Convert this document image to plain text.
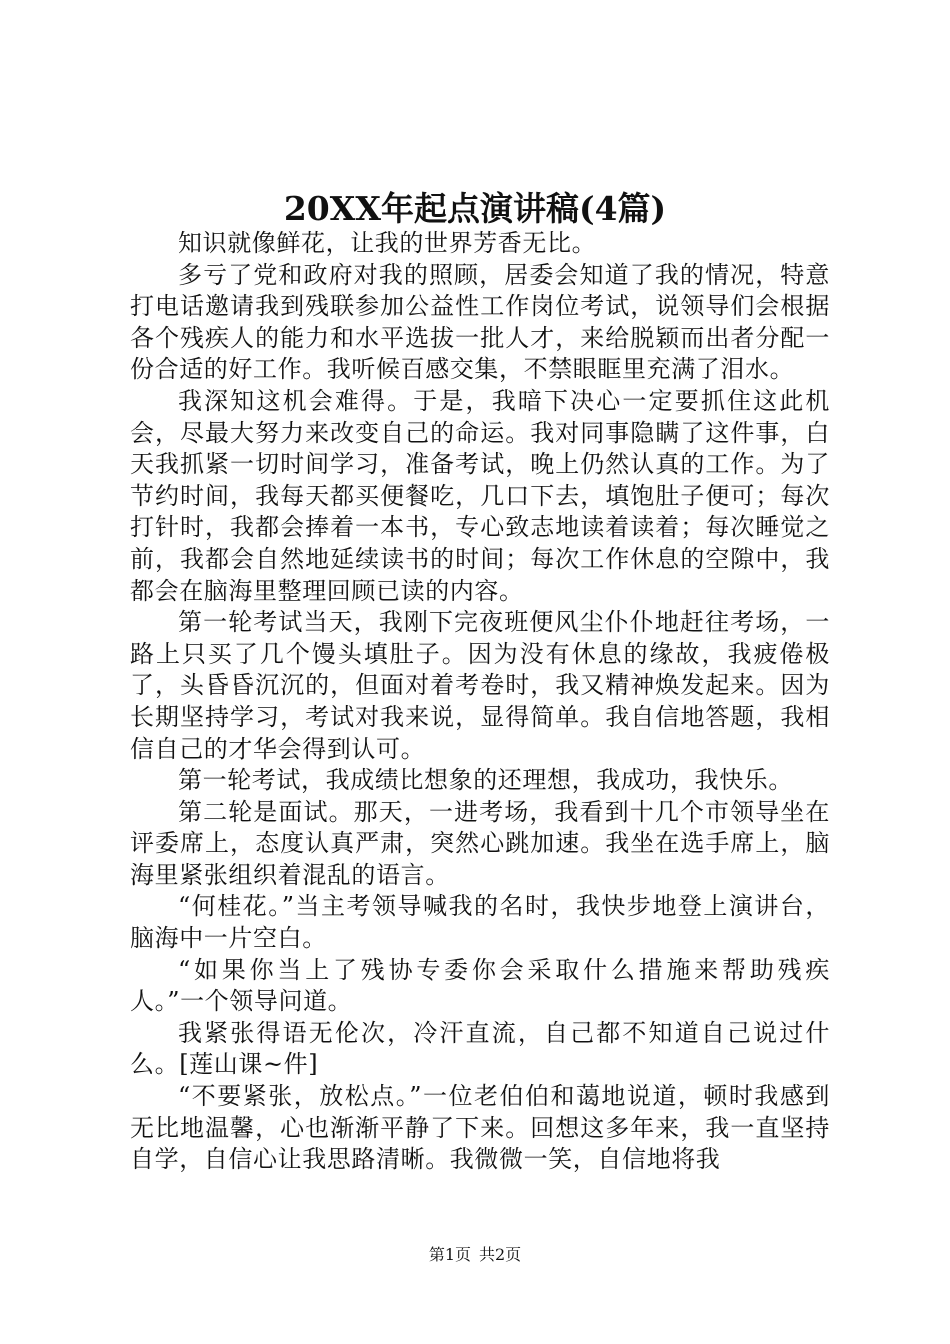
20XX年起点演讲稿(4篇)

知识就像鲜花，让我的世界芳香无比。

多亏了党和政府对我的照顾，居委会知道了我的情况，特意打电话邀请我到残联参加公益性工作岗位考试，说领导们会根据各个残疾人的能力和水平选拔一批人才，来给脱颖而出者分配一份合适的好工作。我听候百感交集，不禁眼眶里充满了泪水。

我深知这机会难得。于是，我暗下决心一定要抓住这此机会，尽最大努力来改变自己的命运。我对同事隐瞒了这件事，白天我抓紧一切时间学习，准备考试，晚上仍然认真的工作。为了节约时间，我每天都买便餐吃，几口下去，填饱肚子便可；每次打针时，我都会捧着一本书，专心致志地读着读着；每次睡觉之前，我都会自然地延续读书的时间；每次工作休息的空隙中，我都会在脑海里整理回顾已读的内容。

第一轮考试当天，我刚下完夜班便风尘仆仆地赶往考场，一路上只买了几个馒头填肚子。因为没有休息的缘故，我疲倦极了，头昏昏沉沉的，但面对着考卷时，我又精神焕发起来。因为长期坚持学习，考试对我来说，显得简单。我自信地答题，我相信自己的才华会得到认可。

第一轮考试，我成绩比想象的还理想，我成功，我快乐。

第二轮是面试。那天，一进考场，我看到十几个市领导坐在评委席上，态度认真严肃，突然心跳加速。我坐在选手席上，脑海里紧张组织着混乱的语言。

“何桂花。”当主考领导喊我的名时，我快步地登上演讲台，脑海中一片空白。

“如果你当上了残协专委你会采取什么措施来帮助残疾人。”一个领导问道。

我紧张得语无伦次，冷汗直流，自己都不知道自己说过什么。[莲山课~件]

“不要紧张，放松点。”一位老伯伯和蔼地说道，顿时我感到无比地温馨，心也渐渐平静了下来。回想这多年来，我一直坚持自学，自信心让我思路清晰。我微微一笑，自信地将我

第1页 共2页
